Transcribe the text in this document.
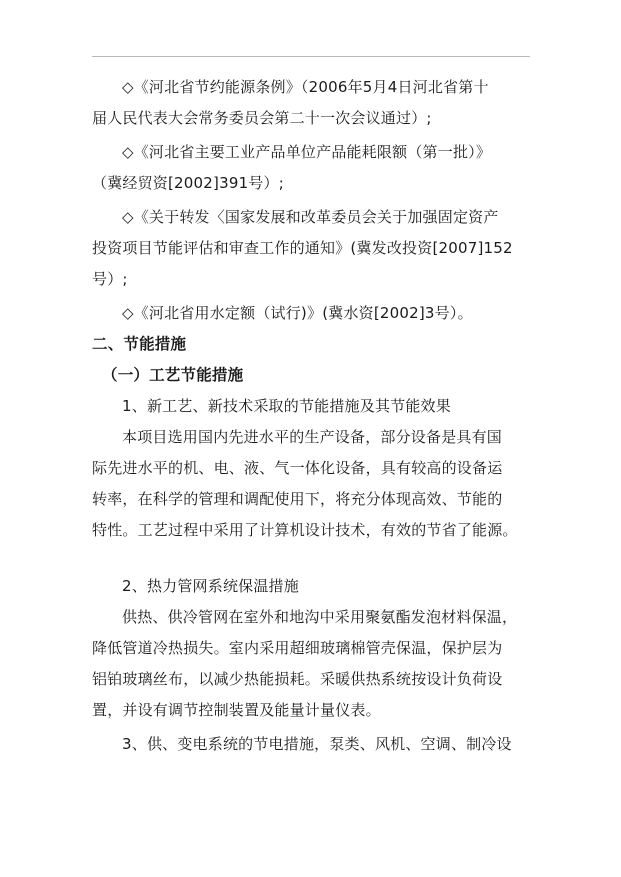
◇《河北省节约能源条例》（2006年5月4日河北省第十
届人民代表大会常务委员会第二十一次会议通过）;
◇《河北省主要工业产品单位产品能耗限额（第一批）》
（冀经贸资[2002]391号）;
◇《关于转发〈国家发展和改革委员会关于加强固定资产
投资项目节能评估和审查工作的通知》(冀发改投资[2007]152
号）;
◇《河北省用水定额（试行)》(冀水资[2002]3号）。
二、节能措施
（一）工艺节能措施
1、新工艺、新技术采取的节能措施及其节能效果
本项目选用国内先进水平的生产设备，部分设备是具有国
际先进水平的机、电、液、气一体化设备，具有较高的设备运
转率，在科学的管理和调配使用下，将充分体现高效、节能的
特性。工艺过程中采用了计算机设计技术，有效的节省了能源。
2、热力管网系统保温措施
供热、供冷管网在室外和地沟中采用聚氨酯发泡材料保温，
降低管道冷热损失。室内采用超细玻璃棉管壳保温，保护层为
铝铂玻璃丝布，以减少热能损耗。采暖供热系统按设计负荷设
置，并设有调节控制装置及能量计量仪表。
3、供、变电系统的节电措施，泵类、风机、空调、制冷设
